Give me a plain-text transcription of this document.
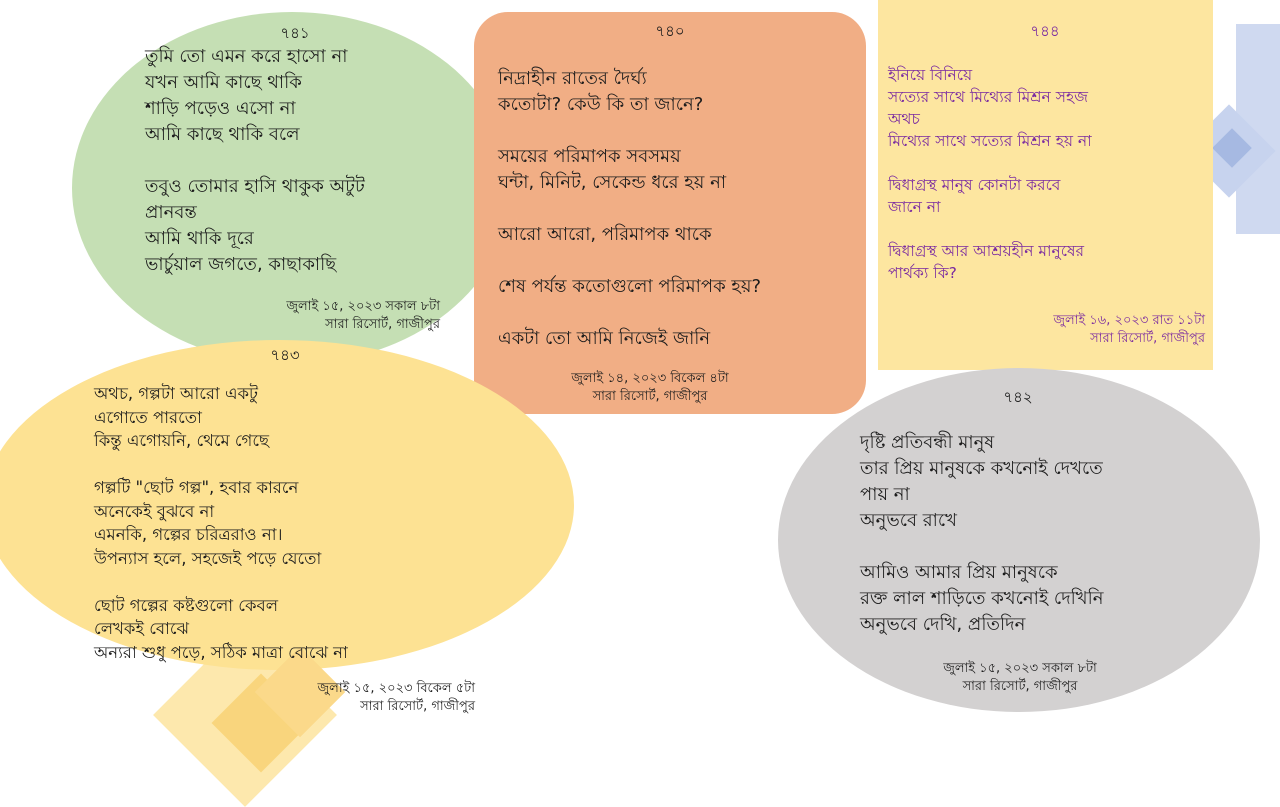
৭৪১
তুমি তো এমন করে হাসো না
যখন আমি কাছে থাকি
শাড়ি পড়েও এসো না
আমি কাছে থাকি বলে

তবুও তোমার হাসি থাকুক অটুট
প্রানবন্ত
আমি থাকি দূরে
ভার্চুয়াল জগতে, কাছাকাছি
জুলাই ১৫, ২০২৩ সকাল ৮টা
সারা রিসোর্ট, গাজীপুর
৭৪০
নিদ্রাহীন রাতের দৈর্ঘ্য
কতোটা? কেউ কি তা জানে?

সময়ের পরিমাপক সবসময়
ঘন্টা, মিনিট, সেকেন্ড ধরে হয় না

আরো আরো, পরিমাপক থাকে

শেষ পর্যন্ত কতোগুলো পরিমাপক হয়?

একটা তো আমি নিজেই জানি
জুলাই ১৪, ২০২৩ বিকেল ৪টা
সারা রিসোর্ট, গাজীপুর
৭৪৪
ইনিয়ে বিনিয়ে
সত্যের সাথে মিথ্যের মিশ্রন সহজ
অথচ
মিথ্যের সাথে সত্যের মিশ্রন হয় না

দ্বিধাগ্রস্থ মানুষ কোনটা করবে
জানে না

দ্বিধাগ্রস্থ আর আশ্রয়হীন মানুষের
পার্থক্য কি?
জুলাই ১৬, ২০২৩ রাত ১১টা
সারা রিসোর্ট, গাজীপুর
৭৪৩
অথচ, গল্পটা আরো একটু
এগোতে পারতো
কিন্তু এগোয়নি, থেমে গেছে

গল্পটি "ছোট গল্প", হবার কারনে
অনেকেই বুঝবে না
এমনকি, গল্পের চরিত্ররাও না।
উপন্যাস হলে, সহজেই পড়ে যেতো

ছোট গল্পের কষ্টগুলো কেবল
লেখকই বোঝে
অন্যরা শুধু পড়ে, সঠিক মাত্রা বোঝে না
জুলাই ১৫, ২০২৩ বিকেল ৫টা
সারা রিসোর্ট, গাজীপুর
৭৪২
দৃষ্টি প্রতিবন্ধী মানুষ
তার প্রিয় মানুষকে কখনোই দেখতে
পায় না
অনুভবে রাখে

আমিও আমার প্রিয় মানুষকে
রক্ত লাল শাড়িতে কখনোই দেখিনি
অনুভবে দেখি, প্রতিদিন
জুলাই ১৫, ২০২৩ সকাল ৮টা
সারা রিসোর্ট, গাজীপুর
